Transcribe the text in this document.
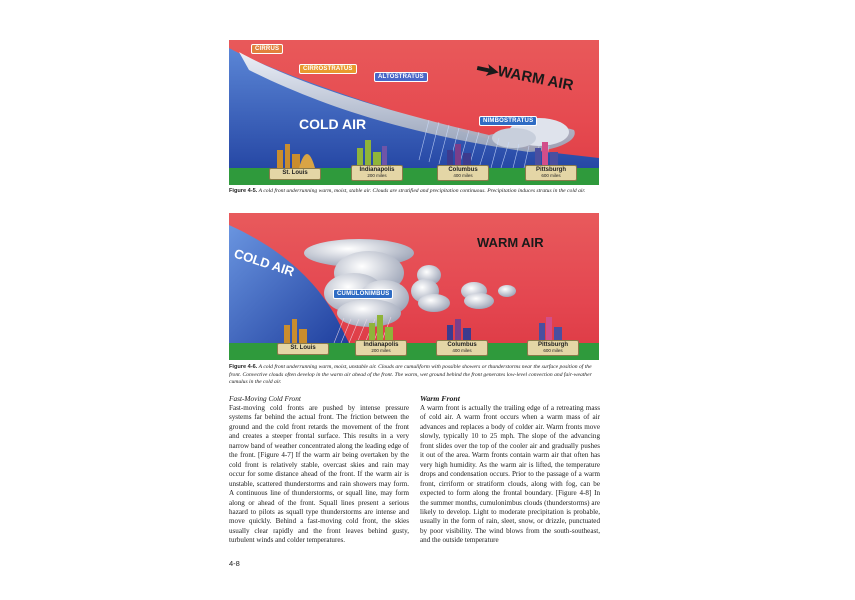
CIRRUS
CIRROSTRATUS
ALTOSTRATUS
NIMBOSTRATUS
WARM AIR
COLD AIR
St. Louis	Indianapolis
200 miles
Columbus
400 miles
Pittsburgh
600 miles
Figure 4-5. A cold front underrunning warm, moist, stable air. Clouds are stratified and precipitation continuous. Precipitation induces stratus in the cold air.
WARM AIR
COLD AIR
CUMULONIMBUS
St. Louis	Indianapolis
200 miles
Columbus
400 miles
Pittsburgh
600 miles
Figure 4-6. A cold front underrunning warm, moist, unstable air. Clouds are cumuliform with possible showers or thunderstorms near the surface position of the front. Convective clouds often develop in the warm air ahead of the front. The warm, wet ground behind the front generates low-level convection and fair-weather cumulus in the cold air.
Fast-Moving Cold Front

Fast-moving cold fronts are pushed by intense pressure systems far behind the actual front. The friction between the ground and the cold front retards the movement of the front and creates a steeper frontal surface. This results in a very narrow band of weather concentrated along the leading edge of the front. [Figure 4-7] If the warm air being overtaken by the cold front is relatively stable, overcast skies and rain may occur for some distance ahead of the front. If the warm air is unstable, scattered thunderstorms and rain showers may form. A continuous line of thunderstorms, or squall line, may form along or ahead of the front. Squall lines present a serious hazard to pilots as squall type thunderstorms are intense and move quickly. Behind a fast-moving cold front, the skies usually clear rapidly and the front leaves behind gusty, turbulent winds and colder temperatures.

Warm Front

A warm front is actually the trailing edge of a retreating mass of cold air. A warm front occurs when a warm mass of air advances and replaces a body of colder air. Warm fronts move slowly, typically 10 to 25 mph. The slope of the advancing front slides over the top of the cooler air and gradually pushes it out of the area. Warm fronts contain warm air that often has very high humidity. As the warm air is lifted, the temperature drops and condensation occurs. Prior to the passage of a warm front, cirriform or stratiform clouds, along with fog, can be expected to form along the frontal boundary. [Figure 4-8] In the summer months, cumulonimbus clouds (thunderstorms) are likely to develop. Light to moderate precipitation is probable, usually in the form of rain, sleet, snow, or drizzle, punctuated by poor visibility. The wind blows from the south-southeast, and the outside temperature

4-8
